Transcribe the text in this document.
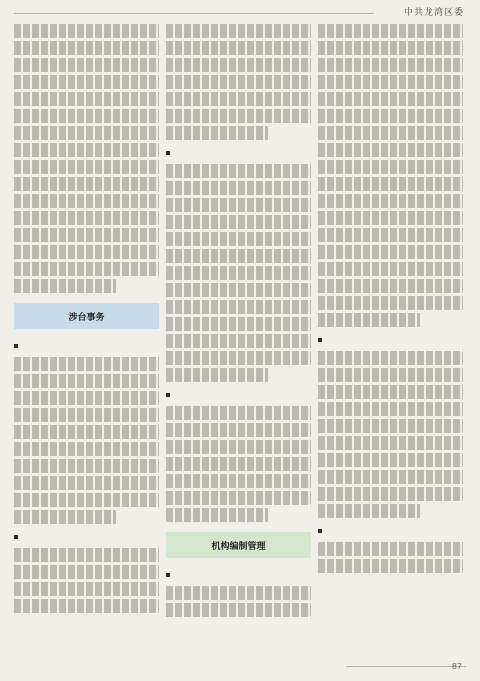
中共龙湾区委
涉台事务
机构编制管理
87
